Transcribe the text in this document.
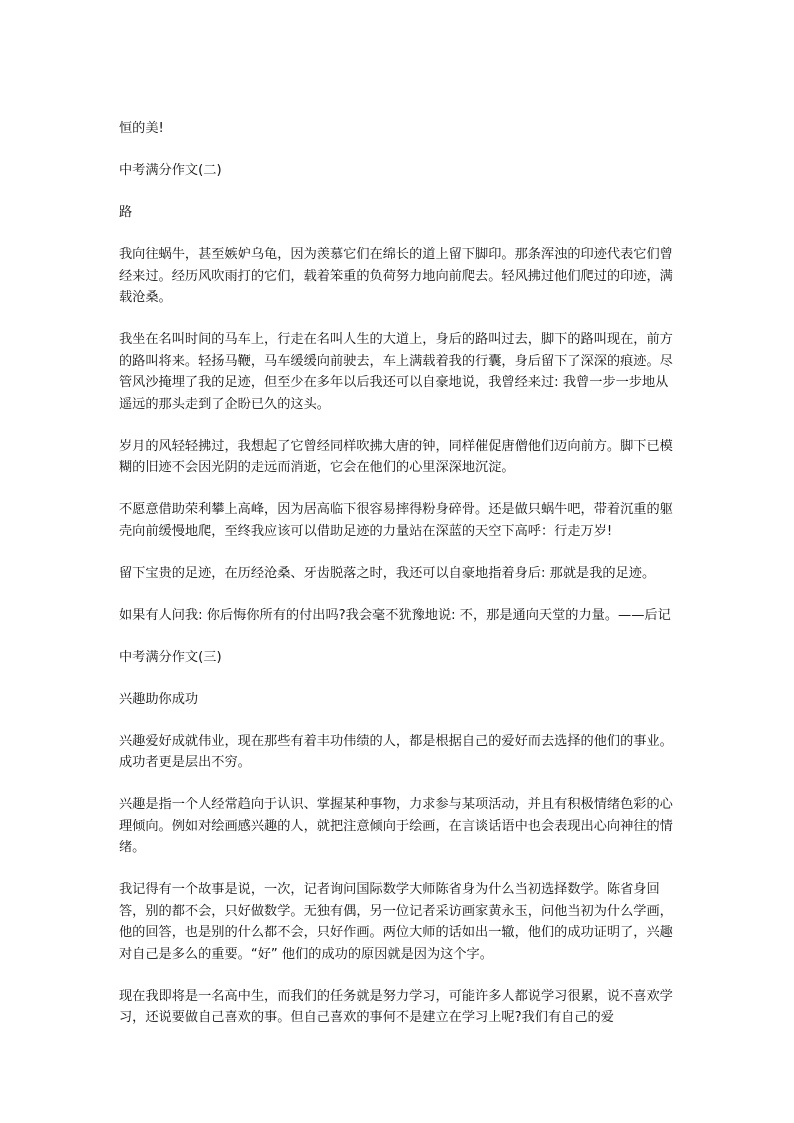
恒的美!

中考满分作文(二)

路

我向往蜗牛，甚至嫉妒乌龟，因为羡慕它们在绵长的道上留下脚印。那条浑浊的印迹代表它们曾经来过。经历风吹雨打的它们，载着笨重的负荷努力地向前爬去。轻风拂过他们爬过的印迹，满载沧桑。

我坐在名叫时间的马车上，行走在名叫人生的大道上，身后的路叫过去，脚下的路叫现在，前方的路叫将来。轻扬马鞭，马车缓缓向前驶去，车上满载着我的行囊，身后留下了深深的痕迹。尽管风沙掩埋了我的足迹，但至少在多年以后我还可以自豪地说，我曾经来过: 我曾一步一步地从遥远的那头走到了企盼已久的这头。

岁月的风轻轻拂过，我想起了它曾经同样吹拂大唐的钟，同样催促唐僧他们迈向前方。脚下已模糊的旧迹不会因光阴的走远而消逝，它会在他们的心里深深地沉淀。

不愿意借助荣利攀上高峰，因为居高临下很容易摔得粉身碎骨。还是做只蜗牛吧，带着沉重的躯壳向前缓慢地爬，至终我应该可以借助足迹的力量站在深蓝的天空下高呼：行走万岁!

留下宝贵的足迹，在历经沧桑、牙齿脱落之时，我还可以自豪地指着身后: 那就是我的足迹。

如果有人问我: 你后悔你所有的付出吗?我会毫不犹豫地说: 不，那是通向天堂的力量。——后记

中考满分作文(三)

兴趣助你成功

兴趣爱好成就伟业，现在那些有着丰功伟绩的人，都是根据自己的爱好而去选择的他们的事业。成功者更是层出不穷。

兴趣是指一个人经常趋向于认识、掌握某种事物，力求参与某项活动，并且有积极情绪色彩的心理倾向。例如对绘画感兴趣的人，就把注意倾向于绘画，在言谈话语中也会表现出心向神往的情绪。

我记得有一个故事是说，一次，记者询问国际数学大师陈省身为什么当初选择数学。陈省身回答，别的都不会，只好做数学。无独有偶，另一位记者采访画家黄永玉，问他当初为什么学画，他的回答，也是别的什么都不会，只好作画。两位大师的话如出一辙，他们的成功证明了，兴趣对自己是多么的重要。“好” 他们的成功的原因就是因为这个字。

现在我即将是一名高中生，而我们的任务就是努力学习，可能许多人都说学习很累，说不喜欢学习，还说要做自己喜欢的事。但自己喜欢的事何不是建立在学习上呢?我们有自己的爱
